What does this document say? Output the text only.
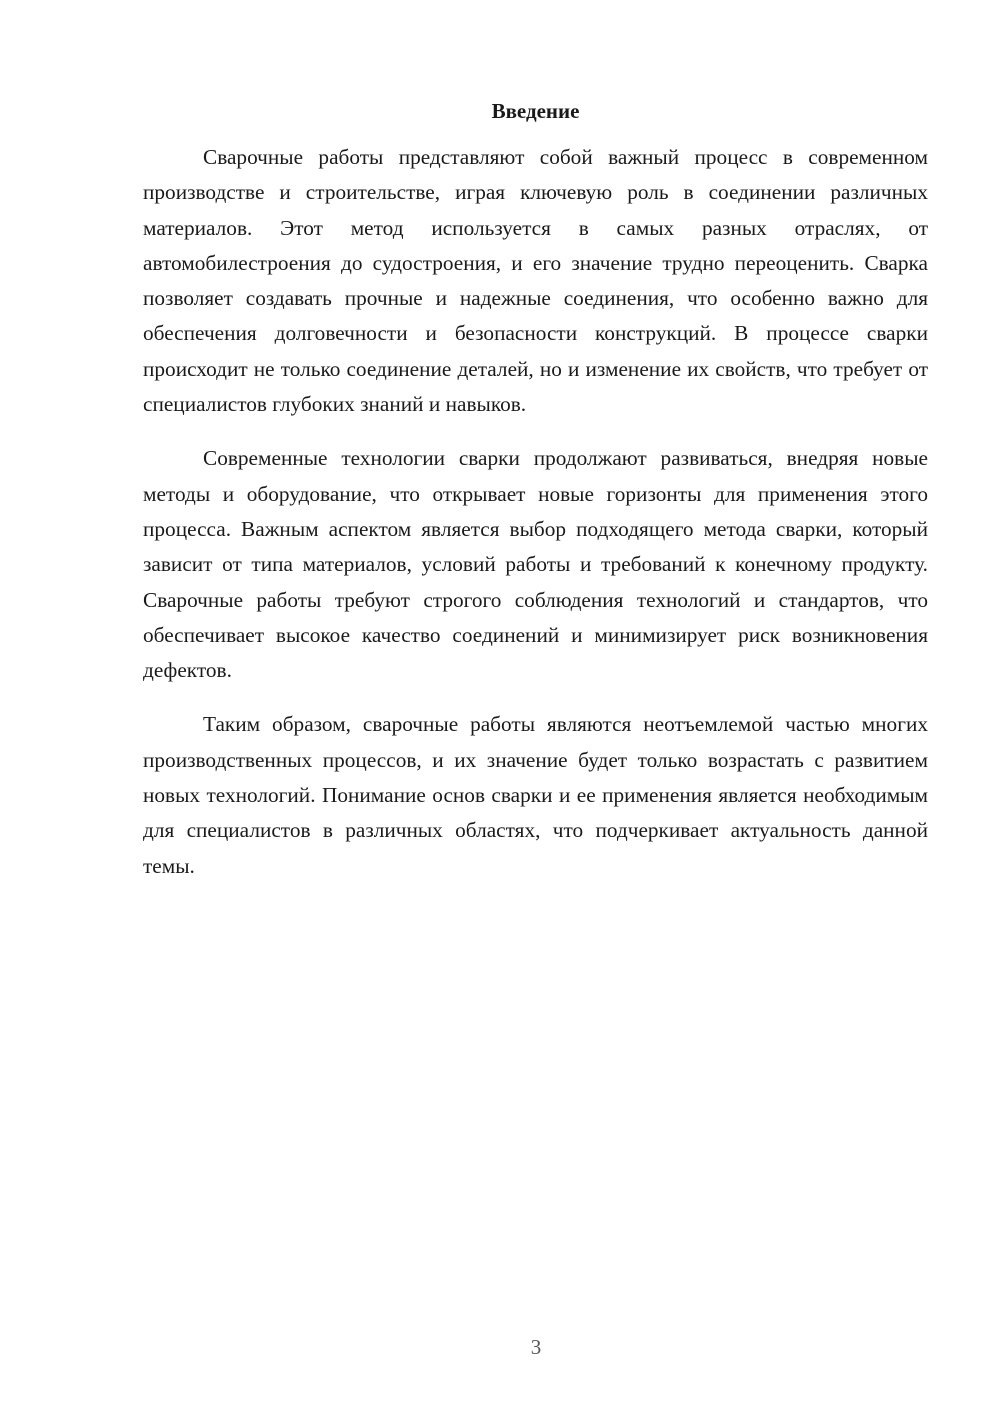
Введение

Сварочные работы представляют собой важный процесс в современном производстве и строительстве, играя ключевую роль в соединении различных материалов. Этот метод используется в самых разных отраслях, от автомобилестроения до судостроения, и его значение трудно переоценить. Сварка позволяет создавать прочные и надежные соединения, что особенно важно для обеспечения долговечности и безопасности конструкций. В процессе сварки происходит не только соединение деталей, но и изменение их свойств, что требует от специалистов глубоких знаний и навыков.

Современные технологии сварки продолжают развиваться, внедряя новые методы и оборудование, что открывает новые горизонты для применения этого процесса. Важным аспектом является выбор подходящего метода сварки, который зависит от типа материалов, условий работы и требований к конечному продукту. Сварочные работы требуют строгого соблюдения технологий и стандартов, что обеспечивает высокое качество соединений и минимизирует риск возникновения дефектов.

Таким образом, сварочные работы являются неотъемлемой частью многих производственных процессов, и их значение будет только возрастать с развитием новых технологий. Понимание основ сварки и ее применения является необходимым для специалистов в различных областях, что подчеркивает актуальность данной темы.

3
